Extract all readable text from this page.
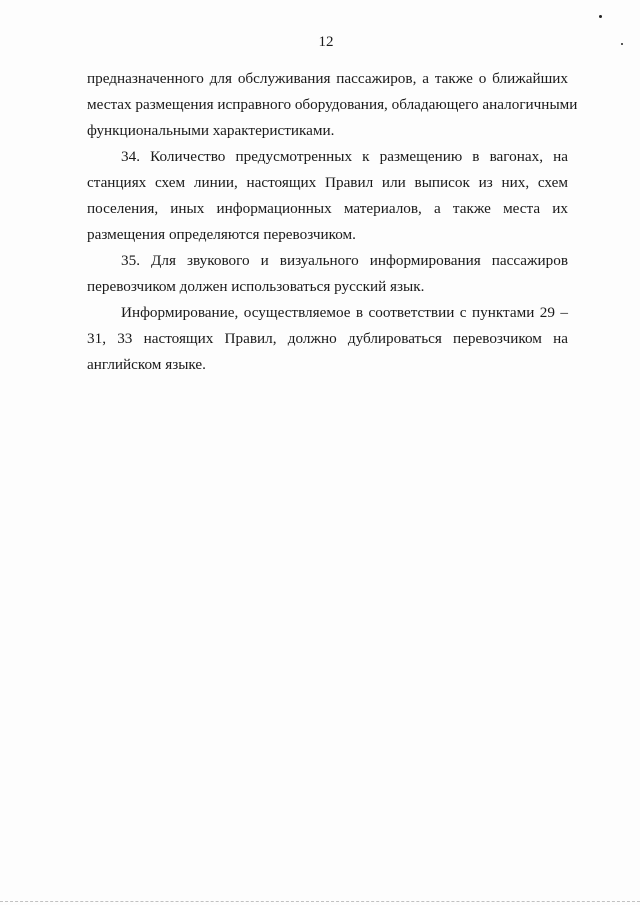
12
предназначенного для обслуживания пассажиров, а также о ближайших
местах размещения исправного оборудования, обладающего аналогичными
функциональными характеристиками.
34. Количество предусмотренных к размещению в вагонах, на
станциях схем линии, настоящих Правил или выписок из них, схем
поселения, иных информационных материалов, а также места их
размещения определяются перевозчиком.
35. Для звукового и визуального информирования пассажиров
перевозчиком должен использоваться русский язык.
Информирование, осуществляемое в соответствии с пунктами 29 –
31, 33 настоящих Правил, должно дублироваться перевозчиком на
английском языке.
